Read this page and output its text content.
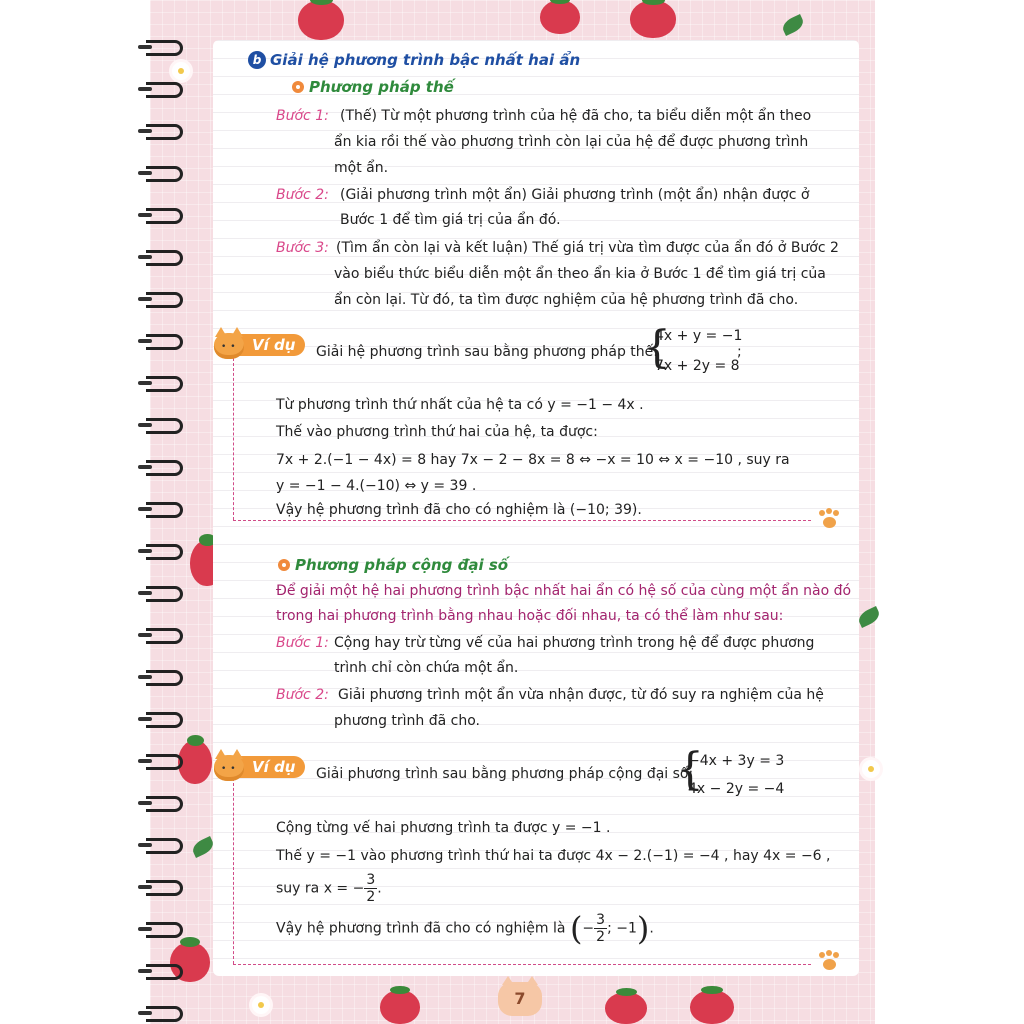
b Giải hệ phương trình bậc nhất hai ẩn
Phương pháp thế
Bước 1: (Thế) Từ một phương trình của hệ đã cho, ta biểu diễn một ẩn theo
ẩn kia rồi thế vào phương trình còn lại của hệ để được phương trình
một ẩn.
Bước 2: (Giải phương trình một ẩn) Giải phương trình (một ẩn) nhận được ở
Bước 1 để tìm giá trị của ẩn đó.
Bước 3: (Tìm ẩn còn lại và kết luận) Thế giá trị vừa tìm được của ẩn đó ở Bước 2
vào biểu thức biểu diễn một ẩn theo ẩn kia ở Bước 1 để tìm giá trị của
ẩn còn lại. Từ đó, ta tìm được nghiệm của hệ phương trình đã cho.
Ví dụ
••	Giải hệ phương trình sau bằng phương pháp thế:
{
4x + y = −1
7x + 2y = 8
;
Từ phương trình thứ nhất của hệ ta có y = −1 − 4x .
Thế vào phương trình thứ hai của hệ, ta được:
7x + 2.(−1 − 4x) = 8 hay 7x − 2 − 8x = 8 ⇔ −x = 10 ⇔ x = −10 , suy ra
y = −1 − 4.(−10) ⇔ y = 39 .
Vậy hệ phương trình đã cho có nghiệm là (−10; 39).
Phương pháp cộng đại số
Để giải một hệ hai phương trình bậc nhất hai ẩn có hệ số của cùng một ẩn nào đó
trong hai phương trình bằng nhau hoặc đối nhau, ta có thể làm như sau:
Bước 1: Cộng hay trừ từng vế của hai phương trình trong hệ để được phương
trình chỉ còn chứa một ẩn.
Bước 2: Giải phương trình một ẩn vừa nhận được, từ đó suy ra nghiệm của hệ
phương trình đã cho.
Ví dụ
••	Giải phương trình sau bằng phương pháp cộng đại số:
{
−4x + 3y = 3
4x − 2y = −4
Cộng từng vế hai phương trình ta được y = −1 .
Thế y = −1 vào phương trình thứ hai ta được 4x − 2.(−1) = −4 , hay 4x = −6 ,
suy ra x = − $\frac{3}{2}$ .
Vậy hệ phương trình đã cho có nghiệm là (− $\frac{3}{2}$ ; −1).
7
